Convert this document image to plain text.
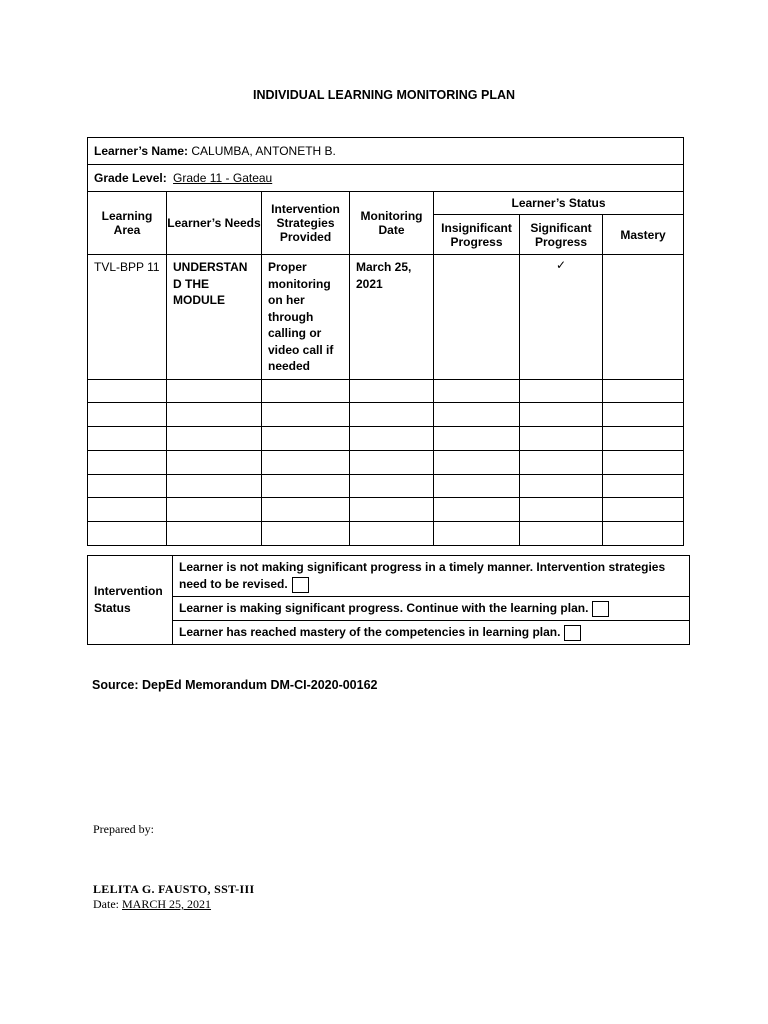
INDIVIDUAL LEARNING MONITORING PLAN
Learner’s Name: CALUMBA, ANTONETH B.						
Grade Level: Grade 11 - Gateau						
Learning Area	Learner’s Needs	Intervention Strategies Provided	Monitoring Date	Learner’s Status		
				Insignificant Progress	Significant Progress	Mastery
TVL-BPP 11	UNDERSTAN D THE MODULE	Proper monitoring on her through calling or video call if needed	March 25, 2021		✓	

Intervention Status	Learner is not making significant progress in a timely manner. Intervention strategies need to be revised.
Learner is making significant progress. Continue with the learning plan.
Learner has reached mastery of the competencies in learning plan.
Source: DepEd Memorandum DM-CI-2020-00162
Prepared by:
LELITA G. FAUSTO, SST-III
Date: MARCH 25, 2021
